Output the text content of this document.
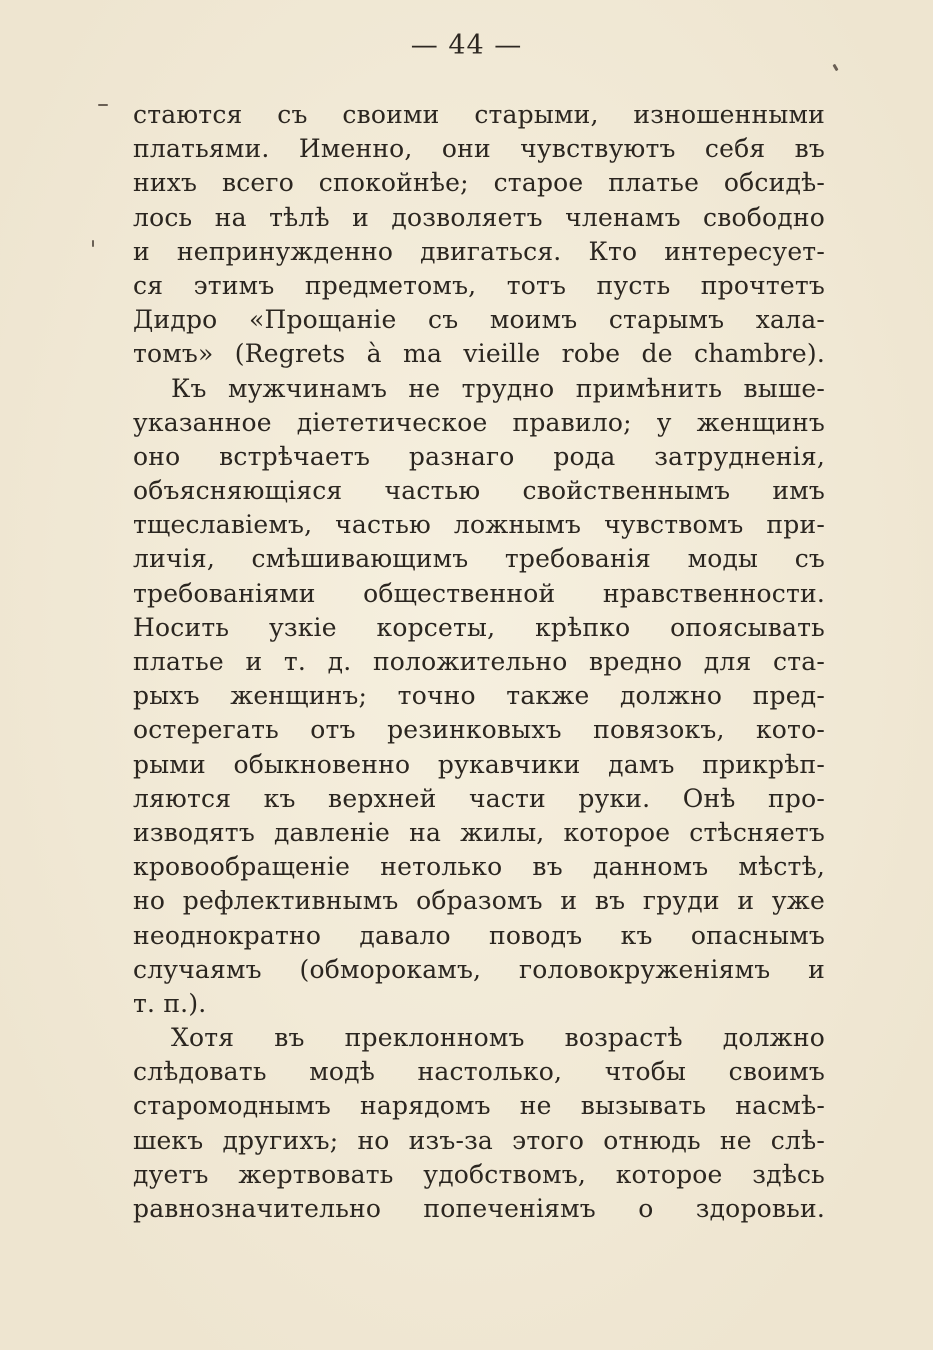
— 44 —
стаются съ своими старыми, изношенными
платьями. Именно, они чувствуютъ себя въ
нихъ всего спокойнѣе; старое платье обсидѣ-
лось на тѣлѣ и дозволяетъ членамъ свободно
и непринужденно двигаться. Кто интересует-
ся этимъ предметомъ, тотъ пусть прочтетъ
Дидро «Прощаніе съ моимъ старымъ хала-
томъ» (Regrets à ma vieille robe de chambre).
Къ мужчинамъ не трудно примѣнить выше-
указанное діететическое правило; у женщинъ
оно встрѣчаетъ разнаго рода затрудненія,
объясняющіяся частью свойственнымъ имъ
тщеславіемъ, частью ложнымъ чувствомъ при-
личія, смѣшивающимъ требованія моды съ
требованіями общественной нравственности.
Носить узкіе корсеты, крѣпко опоясывать
платье и т. д. положительно вредно для ста-
рыхъ женщинъ; точно также должно пред-
остерегать отъ резинковыхъ повязокъ, кото-
рыми обыкновенно рукавчики дамъ прикрѣп-
ляются къ верхней части руки. Онѣ про-
изводятъ давленіе на жилы, которое стѣсняетъ
кровообращеніе нетолько въ данномъ мѣстѣ,
но рефлективнымъ образомъ и въ груди и уже
неоднократно давало поводъ къ опаснымъ
случаямъ (обморокамъ, головокруженіямъ и
т. п.).
Хотя въ преклонномъ возрастѣ должно
слѣдовать модѣ настолько, чтобы своимъ
старомоднымъ нарядомъ не вызывать насмѣ-
шекъ другихъ; но изъ-за этого отнюдь не слѣ-
дуетъ жертвовать удобствомъ, которое здѣсь
равнозначительно попеченіямъ о здоровьи.
